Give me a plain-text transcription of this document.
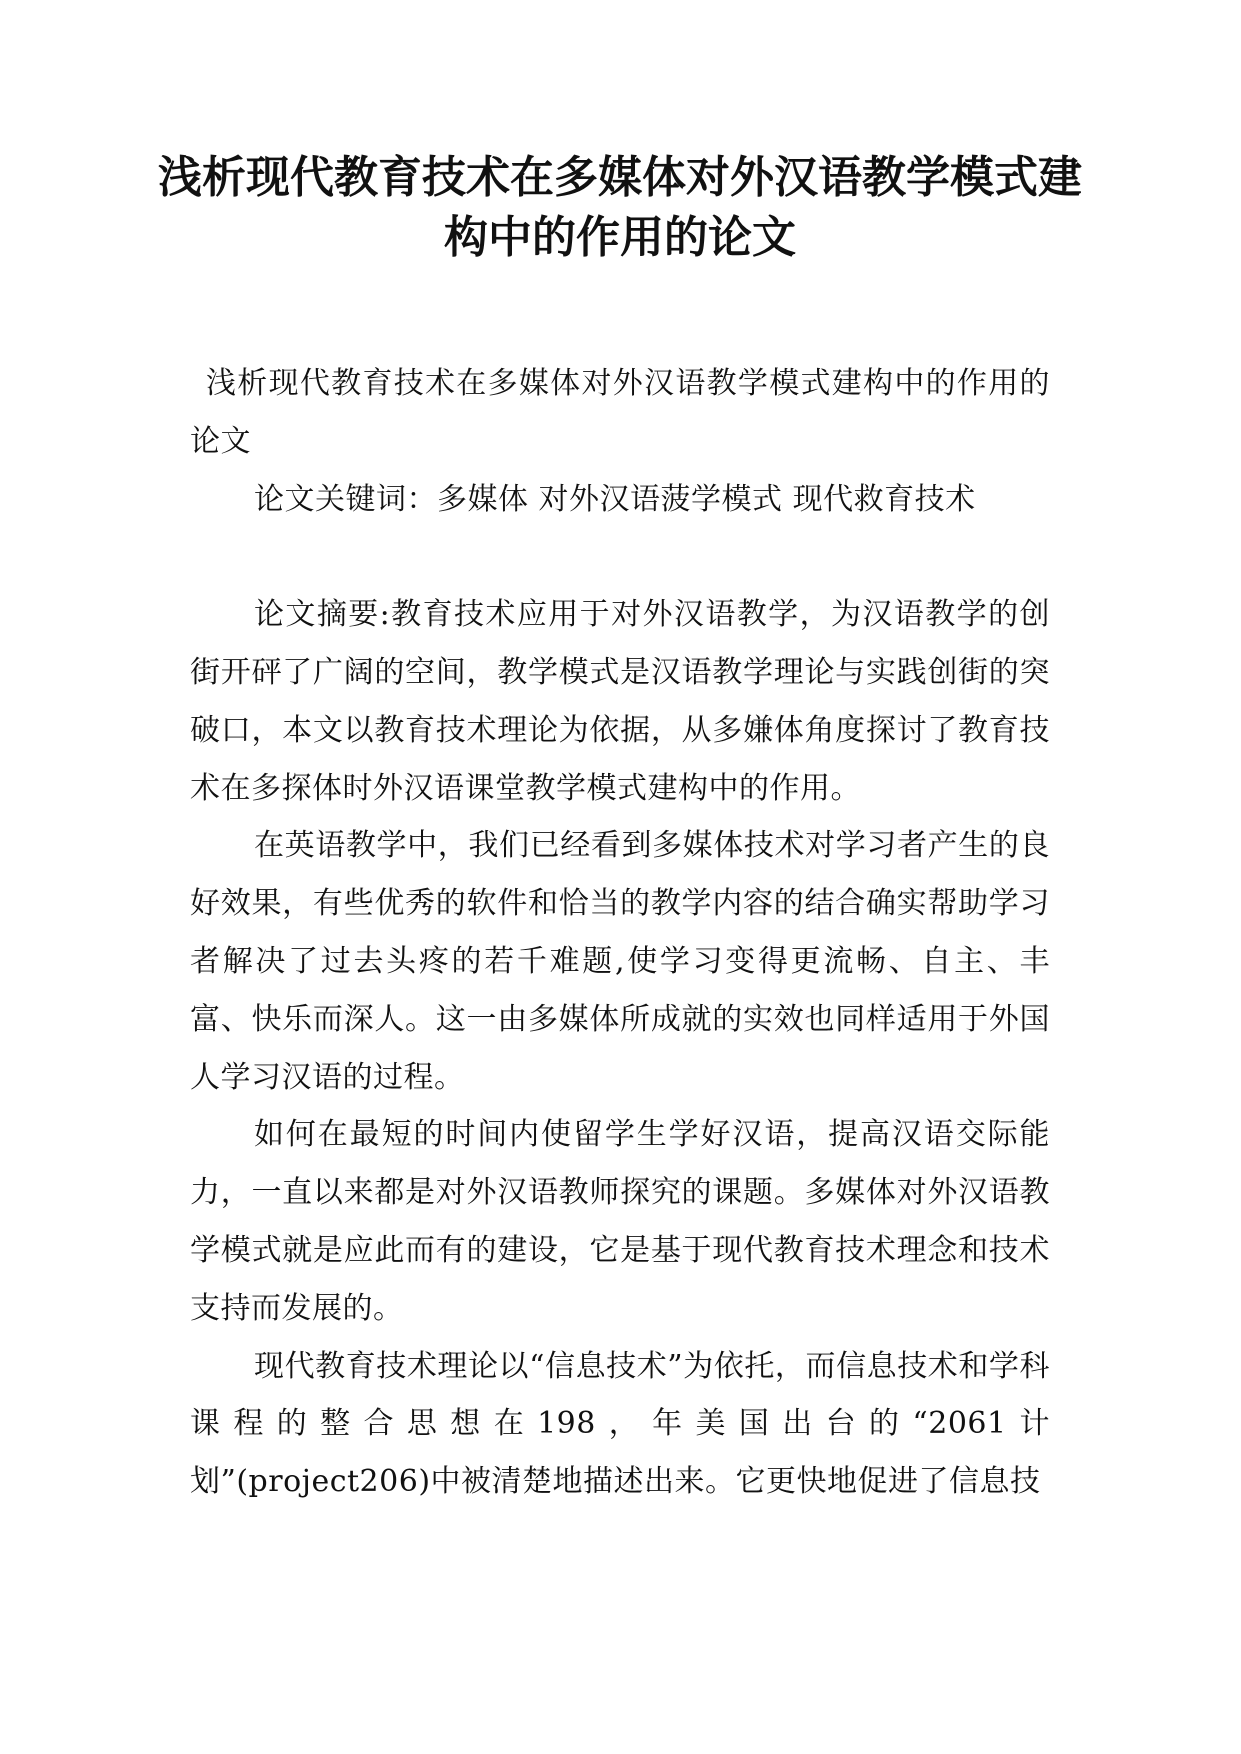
浅析现代教育技术在多媒体对外汉语教学模式建构中的作用的论文

浅析现代教育技术在多媒体对外汉语教学模式建构中的作用的论文

论文关键词：多媒体 对外汉语菠学模式 现代救育技术

论文摘要:教育技术应用于对外汉语教学，为汉语教学的创街开砰了广阔的空间，教学模式是汉语教学理论与实践创街的突破口，本文以教育技术理论为依据，从多嫌体角度探讨了教育技术在多探体时外汉语课堂教学模式建构中的作用。

在英语教学中，我们已经看到多媒体技术对学习者产生的良好效果，有些优秀的软件和恰当的教学内容的结合确实帮助学习者解决了过去头疼的若千难题,使学习变得更流畅、自主、丰富、快乐而深人。这一由多媒体所成就的实效也同样适用于外国人学习汉语的过程。

如何在最短的时间内使留学生学好汉语，提高汉语交际能力，一直以来都是对外汉语教师探究的课题。多媒体对外汉语教学模式就是应此而有的建设，它是基于现代教育技术理念和技术支持而发展的。

现代教育技术理论以“信息技术”为依托，而信息技术和学科课程的整合思想在198，年美国出台的“2061计划”(project206)中被清楚地描述出来。它更快地促进了信息技
